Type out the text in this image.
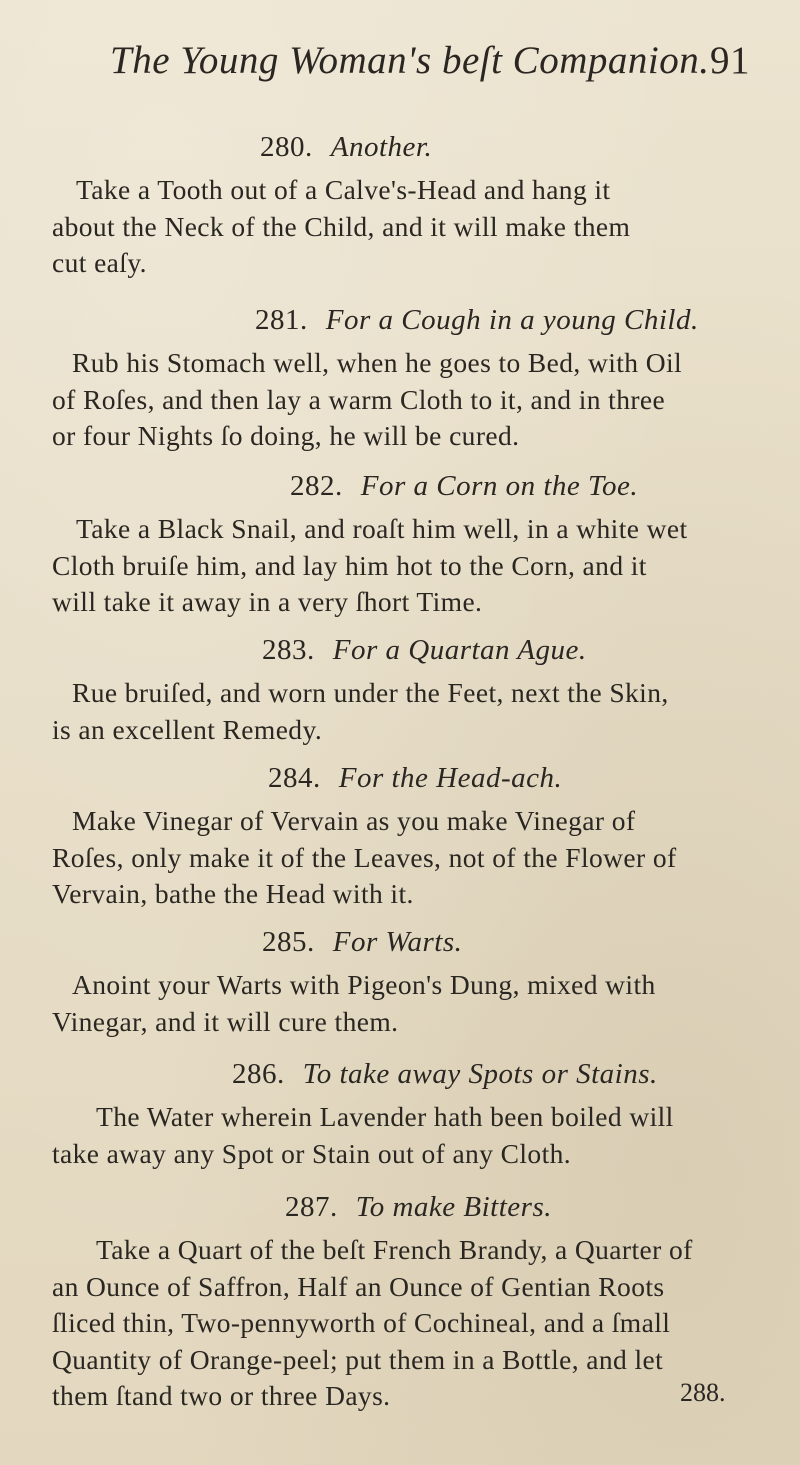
The Young Woman's beſt Companion. 91
280. Another.
Take a Tooth out of a Calve's-Head and hang it
about the Neck of the Child, and it will make them
cut eaſy.
281. For a Cough in a young Child.
Rub his Stomach well, when he goes to Bed, with Oil
of Roſes, and then lay a warm Cloth to it, and in three
or four Nights ſo doing, he will be cured.
282. For a Corn on the Toe.
Take a Black Snail, and roaſt him well, in a white wet
Cloth bruiſe him, and lay him hot to the Corn, and it
will take it away in a very ſhort Time.
283. For a Quartan Ague.
Rue bruiſed, and worn under the Feet, next the Skin,
is an excellent Remedy.
284. For the Head-ach.
Make Vinegar of Vervain as you make Vinegar of
Roſes, only make it of the Leaves, not of the Flower of
Vervain, bathe the Head with it.
285. For Warts.
Anoint your Warts with Pigeon's Dung, mixed with
Vinegar, and it will cure them.
286. To take away Spots or Stains.
The Water wherein Lavender hath been boiled will
take away any Spot or Stain out of any Cloth.
287. To make Bitters.
Take a Quart of the beſt French Brandy, a Quarter of
an Ounce of Saffron, Half an Ounce of Gentian Roots
ſliced thin, Two-pennyworth of Cochineal, and a ſmall
Quantity of Orange-peel; put them in a Bottle, and let
them ſtand two or three Days.	288.
